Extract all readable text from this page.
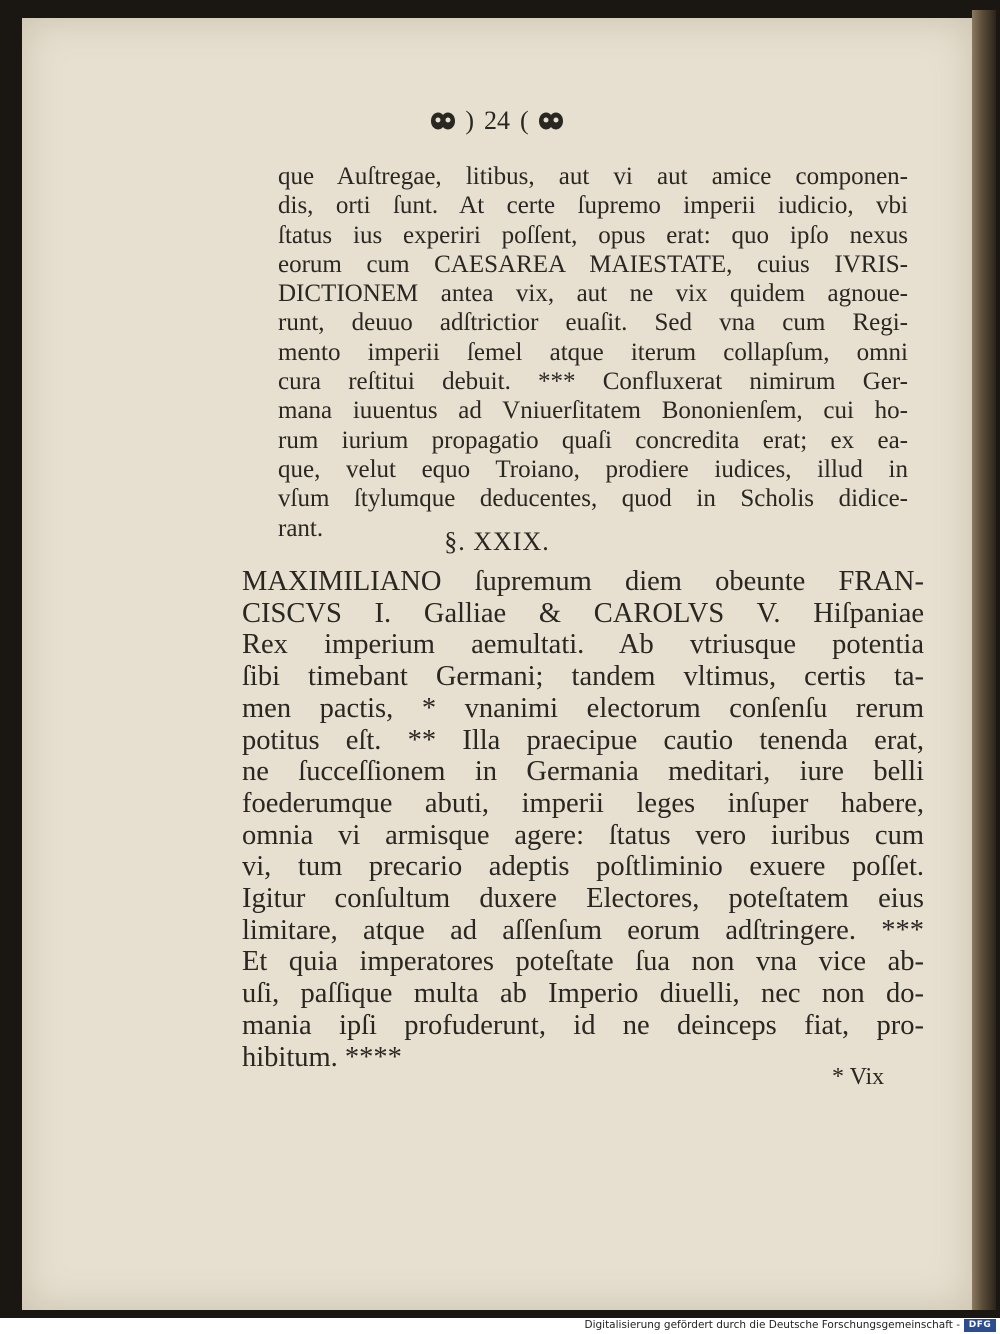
) 24 (
que Auſtregae, litibus, aut vi aut amice componen-
dis, orti ſunt. At certe ſupremo imperii iudicio, vbi
ſtatus ius experiri poſſent, opus erat: quo ipſo nexus
eorum cum CAESAREA MAIESTATE, cuius IVRIS-
DICTIONEM antea vix, aut ne vix quidem agnoue-
runt, deuuo adſtrictior euaſit. Sed vna cum Regi-
mento imperii ſemel atque iterum collapſum, omni
cura reſtitui debuit. *** Confluxerat nimirum Ger-
mana iuuentus ad Vniuerſitatem Bononienſem, cui ho-
rum iurium propagatio quaſi concredita erat; ex ea-
que, velut equo Troiano, prodiere iudices, illud in
vſum ſtylumque deducentes, quod in Scholis didice-
rant.	§. XXIX.
MAXIMILIANO ſupremum diem obeunte FRAN-
CISCVS I. Galliae & CAROLVS V. Hiſpaniae
Rex imperium aemultati. Ab vtriusque potentia
ſibi timebant Germani; tandem vltimus, certis ta-
men pactis, * vnanimi electorum conſenſu rerum
potitus eſt. ** Illa praecipue cautio tenenda erat,
ne ſucceſſionem in Germania meditari, iure belli
foederumque abuti, imperii leges inſuper habere,
omnia vi armisque agere: ſtatus vero iuribus cum
vi, tum precario adeptis poſtliminio exuere poſſet.
Igitur conſultum duxere Electores, poteſtatem eius
limitare, atque ad aſſenſum eorum adſtringere. ***
Et quia imperatores poteſtate ſua non vna vice ab-
uſi, paſſique multa ab Imperio diuelli, nec non do-
mania ipſi profuderunt, id ne deinceps fiat, pro-
hibitum. ****
* Vix
Digitalisierung gefördert durch die Deutsche Forschungsgemeinschaft - DFG
